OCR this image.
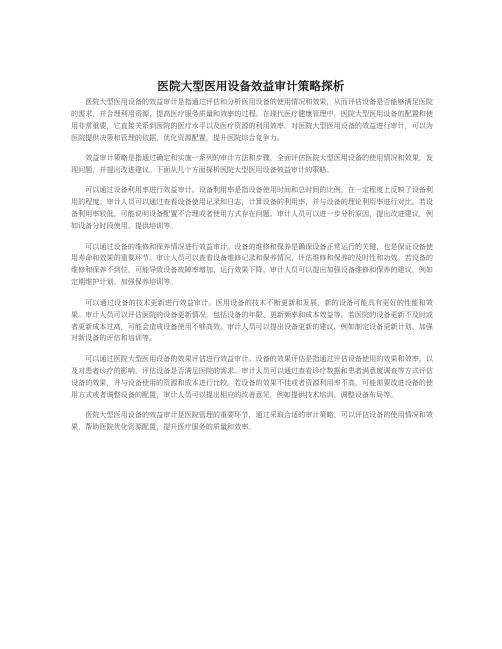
医院大型医用设备效益审计策略探析

医院大型医用设备的效益审计是指通过评估和分析医用设备的使用情况和效果，从而评估设备是否能够满足医院的需求，并合理利用资源，提高医疗服务质量和效率的过程。在现代医疗健康管理中，医院大型医用设备的配置和使用非常重要，它直接关系到医院的医疗水平以及医疗资源的利用效率。对医院大型医用设备的效益进行审计，可以为医院提供决策和管理的依据，优化资源配置，提升医院综合竞争力。

效益审计策略是指通过确定和实施一系列的审计方法和步骤，全面评估医院大型医用设备的使用情况和效果，发现问题，并提出改进建议。下面从几个方面探析医院大型医用设备效益审计的策略。

可以通过设备利用率进行效益审计。设备利用率是指设备使用时间和总时间的比例，在一定程度上反映了设备利用的程度。审计人员可以通过查看设备使用记录和日志，计算设备的利用率，并与设备的理论利用率进行对比。若设备利用率较低，可能说明设备配置不合理或者使用方式存在问题。审计人员可以进一步分析原因，提出改进建议，例如设备分时段使用、提供培训等。

可以通过设备的维修和保养情况进行效益审计。设备的维修和保养是确保设备正常运行的关键，也是保证设备使用寿命和效果的重要环节。审计人员可以查看设备维修记录和保养情况，评估维修和保养的及时性和功效。若设备的维修和保养不到位，可能导致设备故障率增加、运行效果下降。审计人员可以提出加强设备维修和保养的建议，例如定期维护计划、加强保养培训等。

可以通过设备的技术更新进行效益审计。医用设备的技术不断更新和发展，新的设备可能具有更好的性能和效果。审计人员可以评估医院的设备更新情况，包括设备的年限、更新频率和成本效益等。若医院的设备更新不及时或者更新成本过高，可能会造成设备使用不够高效。审计人员可以提出设备更新的建议，例如制定设备更新计划、加强对新设备的评估和培训等。

可以通过医院大型医用设备的效果评估进行效益审计。设备的效果评估是指通过评估设备使用的效果和效率，以及对患者诊疗的影响，评估设备是否满足医院的需求。审计人员可以通过查看诊疗数据和患者满意度调查等方式评估设备的效果，并与设备使用的资源和成本进行比较。若设备的效果不佳或者资源利用率不高，可能需要改进设备的使用方式或者调整设备的配置，审计人员可以提出相应的改善意见，例如提供技术培训、调整设备布局等。

医院大型医用设备的效益审计是医院管理的重要环节，通过采取合适的审计策略，可以评估设备的使用情况和效果，帮助医院优化资源配置，提升医疗服务的质量和效率。
